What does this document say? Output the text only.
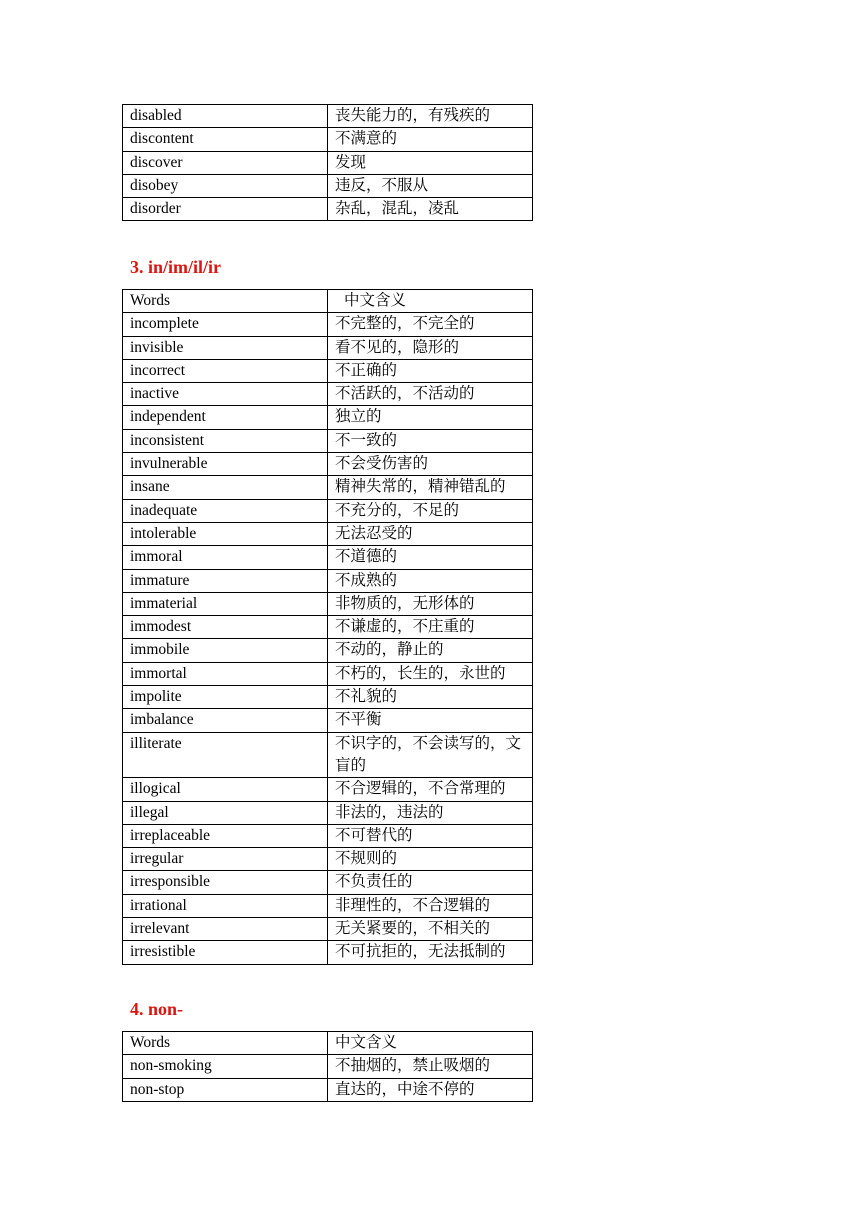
disabled	丧失能力的，有残疾的
discontent	不满意的
discover	发现
disobey	违反，不服从
disorder	杂乱，混乱，凌乱
3. in/im/il/ir
Words	中文含义
incomplete	不完整的，不完全的
invisible	看不见的，隐形的
incorrect	不正确的
inactive	不活跃的，不活动的
independent	独立的
inconsistent	不一致的
invulnerable	不会受伤害的
insane	精神失常的，精神错乱的
inadequate	不充分的，不足的
intolerable	无法忍受的
immoral	不道德的
immature	不成熟的
immaterial	非物质的，无形体的
immodest	不谦虚的，不庄重的
immobile	不动的，静止的
immortal	不朽的，长生的，永世的
impolite	不礼貌的
imbalance	不平衡
illiterate	不识字的，不会读写的，文盲的
illogical	不合逻辑的，不合常理的
illegal	非法的，违法的
irreplaceable	不可替代的
irregular	不规则的
irresponsible	不负责任的
irrational	非理性的，不合逻辑的
irrelevant	无关紧要的，不相关的
irresistible	不可抗拒的，无法抵制的
4. non-
Words	中文含义
non-smoking	不抽烟的，禁止吸烟的
non-stop	直达的，中途不停的
